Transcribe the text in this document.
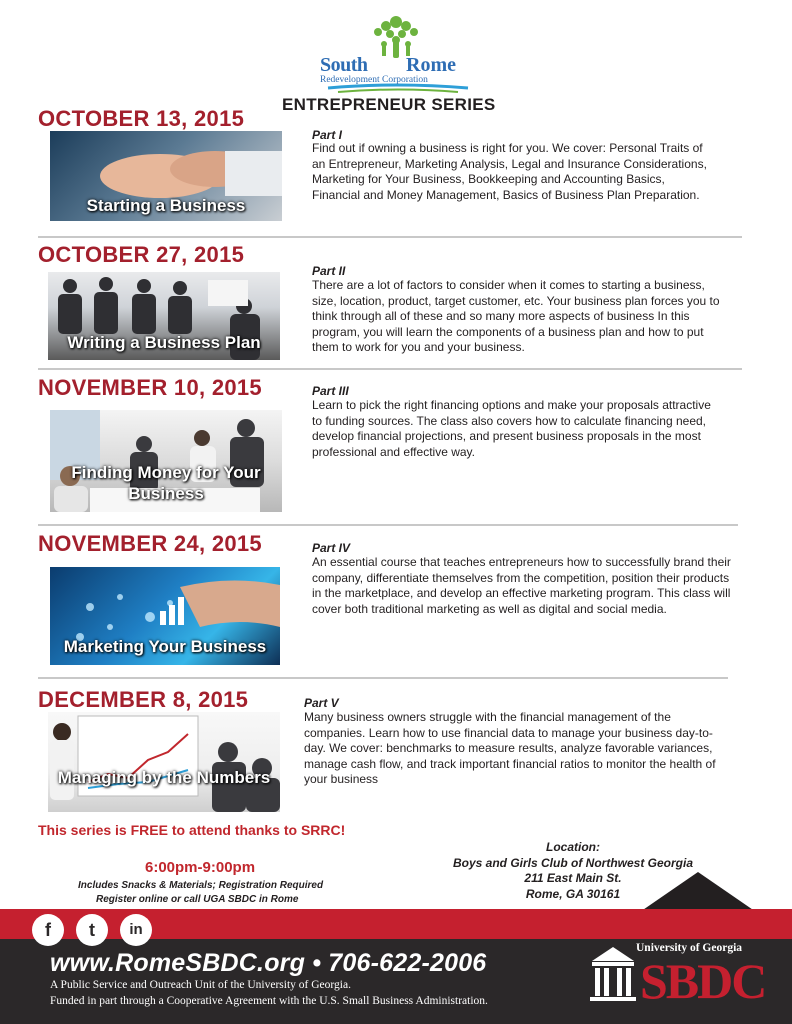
South Rome
Redevelopment Corporation
ENTREPRENEUR SERIES
OCTOBER 13, 2015
Starting a Business
Part I
Find out if owning a business is right for you. We cover: Personal Traits of an Entrepreneur, Marketing Analysis, Legal and Insurance Considerations, Marketing for Your Business, Bookkeeping and Accounting Basics, Financial and Money Management, Basics of Business Plan Preparation.
OCTOBER 27, 2015
Writing a Business Plan
Part II
There are a lot of factors to consider when it comes to starting a business, size, location, product, target customer, etc. Your business plan forces you to think through all of these and so many more aspects of business In this program, you will learn the components of a business plan and how to put them to work for you and your business.
NOVEMBER 10, 2015
Finding Money for Your Business
Part III
Learn to pick the right financing options and make your proposals attractive to funding sources. The class also covers how to calculate financing need, develop financial projections, and present business proposals in the most professional and effective way.
NOVEMBER 24, 2015
Marketing Your Business
Part IV
An essential course that teaches entrepreneurs how to successfully brand their company, differentiate themselves from the competition, position their products in the marketplace, and develop an effective marketing program. This class will cover both traditional marketing as well as digital and social media.
DECEMBER 8, 2015
Managing by the Numbers
Part V
Many business owners struggle with the financial management of the companies. Learn how to use financial data to manage your business day-to-day. We cover: benchmarks to measure results, analyze favorable variances, manage cash flow, and track important financial ratios to monitor the health of your business
This series is FREE to attend thanks to SRRC!
6:00pm-9:00pm
Includes Snacks & Materials; Registration Required
Register online or call UGA SBDC in Rome
Location:
Boys and Girls Club of Northwest Georgia
211 East Main St.
Rome, GA 30161
f	t	in
www.RomeSBDC.org • 706-622-2006
A Public Service and Outreach Unit of the University of Georgia.
Funded in part through a Cooperative Agreement with the U.S. Small Business Administration.
University of Georgia
SBDC
